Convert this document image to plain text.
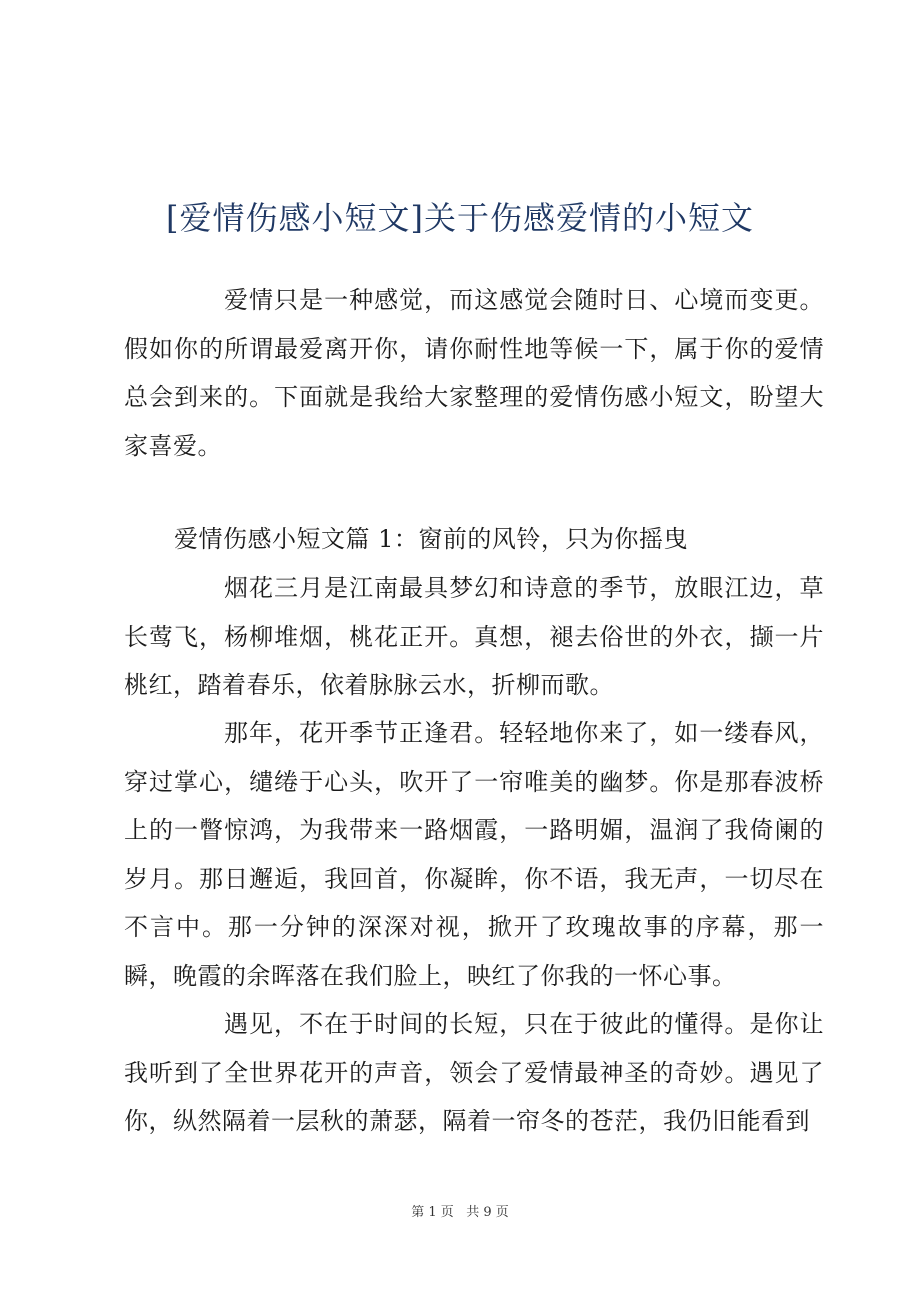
[爱情伤感小短文]关于伤感爱情的小短文

爱情只是一种感觉，而这感觉会随时日、心境而变更。假如你的所谓最爱离开你，请你耐性地等候一下，属于你的爱情总会到来的。下面就是我给大家整理的爱情伤感小短文，盼望大家喜爱。

爱情伤感小短文篇 1：窗前的风铃，只为你摇曳

烟花三月是江南最具梦幻和诗意的季节，放眼江边，草长莺飞，杨柳堆烟，桃花正开。真想，褪去俗世的外衣，撷一片桃红，踏着春乐，依着脉脉云水，折柳而歌。

那年，花开季节正逢君。轻轻地你来了，如一缕春风，穿过掌心，缱绻于心头，吹开了一帘唯美的幽梦。你是那春波桥上的一瞥惊鸿，为我带来一路烟霞，一路明媚，温润了我倚阑的岁月。那日邂逅，我回首，你凝眸，你不语，我无声，一切尽在不言中。那一分钟的深深对视，掀开了玫瑰故事的序幕，那一瞬，晚霞的余晖落在我们脸上，映红了你我的一怀心事。

遇见，不在于时间的长短，只在于彼此的懂得。是你让我听到了全世界花开的声音，领会了爱情最神圣的奇妙。遇见了你，纵然隔着一层秋的萧瑟，隔着一帘冬的苍茫，我仍旧能看到

第 1 页 共 9 页
